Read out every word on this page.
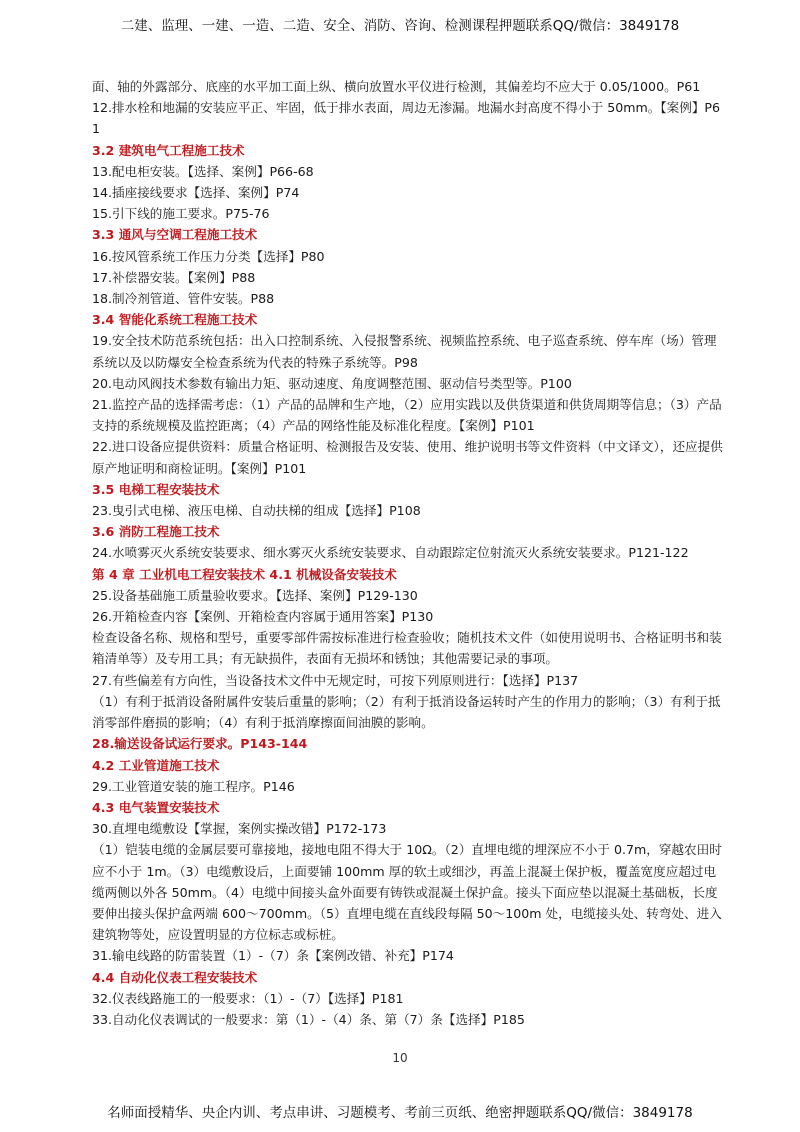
二建、监理、一建、一造、二造、安全、消防、咨询、检测课程押题联系QQ/微信：3849178

面、轴的外露部分、底座的水平加工面上纵、横向放置水平仪进行检测，其偏差均不应大于 0.05/1000。P61

12.排水栓和地漏的安装应平正、牢固，低于排水表面，周边无渗漏。地漏水封高度不得小于 50mm。【案例】P61

3.2 建筑电气工程施工技术

13.配电柜安装。【选择、案例】P66-68

14.插座接线要求【选择、案例】P74

15.引下线的施工要求。P75-76

3.3 通风与空调工程施工技术

16.按风管系统工作压力分类【选择】P80

17.补偿器安装。【案例】P88

18.制冷剂管道、管件安装。P88

3.4 智能化系统工程施工技术

19.安全技术防范系统包括：出入口控制系统、入侵报警系统、视频监控系统、电子巡查系统、停车库（场）管理系统以及以防爆安全检查系统为代表的特殊子系统等。P98

20.电动风阀技术参数有输出力矩、驱动速度、角度调整范围、驱动信号类型等。P100

21.监控产品的选择需考虑：（1）产品的品牌和生产地，（2）应用实践以及供货渠道和供货周期等信息；（3）产品支持的系统规模及监控距离；（4）产品的网络性能及标准化程度。【案例】P101

22.进口设备应提供资料：质量合格证明、检测报告及安装、使用、维护说明书等文件资料（中文译文），还应提供原产地证明和商检证明。【案例】P101

3.5 电梯工程安装技术

23.曳引式电梯、液压电梯、自动扶梯的组成【选择】P108

3.6 消防工程施工技术

24.水喷雾灭火系统安装要求、细水雾灭火系统安装要求、自动跟踪定位射流灭火系统安装要求。P121-122

第 4 章 工业机电工程安装技术 4.1 机械设备安装技术

25.设备基础施工质量验收要求。【选择、案例】P129-130

26.开箱检查内容【案例、开箱检查内容属于通用答案】P130

检查设备名称、规格和型号，重要零部件需按标准进行检查验收；随机技术文件（如使用说明书、合格证明书和装箱清单等）及专用工具；有无缺损件，表面有无损坏和锈蚀；其他需要记录的事项。

27.有些偏差有方向性，当设备技术文件中无规定时，可按下列原则进行：【选择】P137

（1）有利于抵消设备附属件安装后重量的影响；（2）有利于抵消设备运转时产生的作用力的影响；（3）有利于抵消零部件磨损的影响；（4）有利于抵消摩擦面间油膜的影响。

28.输送设备试运行要求。P143-144

4.2 工业管道施工技术

29.工业管道安装的施工程序。P146

4.3 电气装置安装技术

30.直埋电缆敷设【掌握，案例实操改错】P172-173

（1）铠装电缆的金属层要可靠接地，接地电阻不得大于 10Ω。（2）直埋电缆的埋深应不小于 0.7m，穿越农田时应不小于 1m。（3）电缆敷设后，上面要铺 100mm 厚的软土或细沙，再盖上混凝土保护板，覆盖宽度应超过电缆两侧以外各 50mm。（4）电缆中间接头盒外面要有铸铁或混凝土保护盒。接头下面应垫以混凝土基础板，长度要伸出接头保护盒两端 600～700mm。（5）直埋电缆在直线段每隔 50～100m 处，电缆接头处、转弯处、进入建筑物等处，应设置明显的方位标志或标桩。

31.输电线路的防雷装置（1）-（7）条【案例改错、补充】P174

4.4 自动化仪表工程安装技术

32.仪表线路施工的一般要求：（1）-（7）【选择】P181

33.自动化仪表调试的一般要求：第（1）-（4）条、第（7）条【选择】P185

10
名师面授精华、央企内训、考点串讲、习题模考、考前三页纸、绝密押题联系QQ/微信：3849178
